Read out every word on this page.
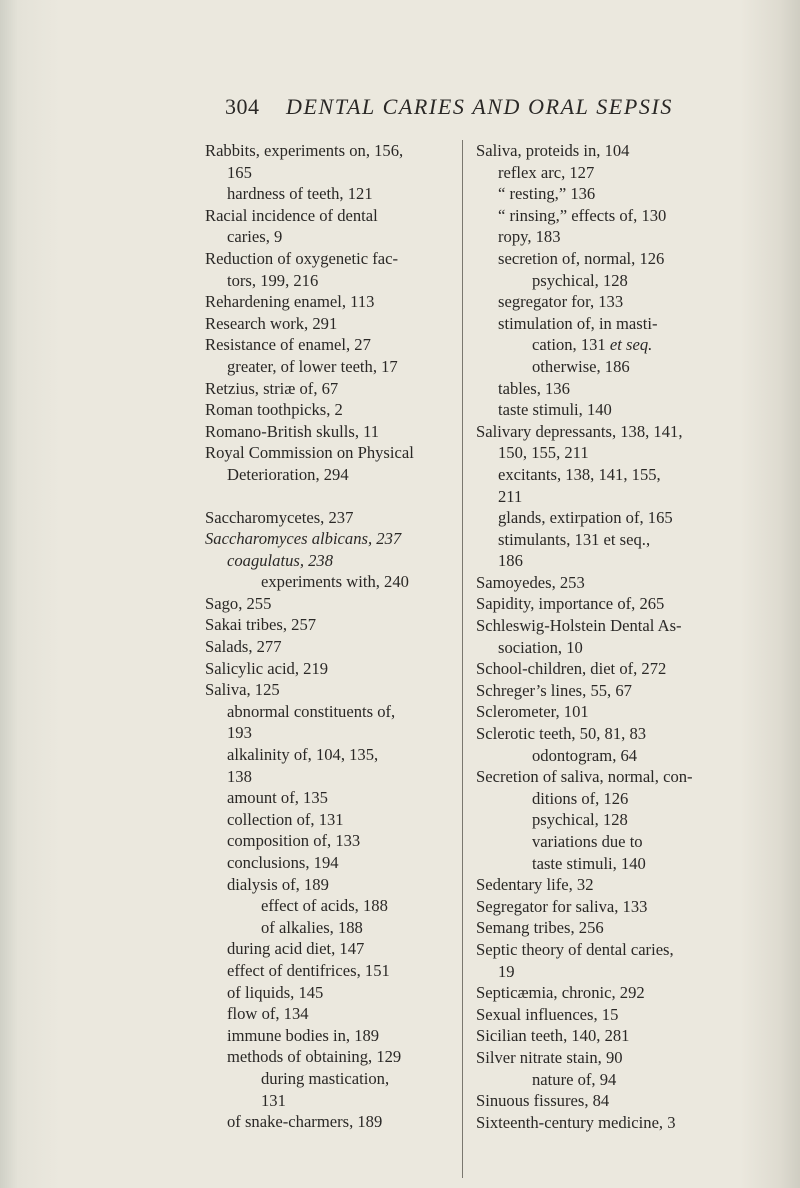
304 DENTAL CARIES AND ORAL SEPSIS
Rabbits, experiments on, 156,
165
hardness of teeth, 121
Racial incidence of dental
caries, 9
Reduction of oxygenetic fac-
tors, 199, 216
Rehardening enamel, 113
Research work, 291
Resistance of enamel, 27
greater, of lower teeth, 17
Retzius, striæ of, 67
Roman toothpicks, 2
Romano-British skulls, 11
Royal Commission on Physical
Deterioration, 294
Saccharomycetes, 237
Saccharomyces albicans, 237
coagulatus, 238
experiments with, 240
Sago, 255
Sakai tribes, 257
Salads, 277
Salicylic acid, 219
Saliva, 125
abnormal constituents of,
193
alkalinity of, 104, 135,
138
amount of, 135
collection of, 131
composition of, 133
conclusions, 194
dialysis of, 189
effect of acids, 188
of alkalies, 188
during acid diet, 147
effect of dentifrices, 151
of liquids, 145
flow of, 134
immune bodies in, 189
methods of obtaining, 129
during mastication,
131
of snake-charmers, 189
Saliva, proteids in, 104
reflex arc, 127
“ resting,” 136
“ rinsing,” effects of, 130
ropy, 183
secretion of, normal, 126
psychical, 128
segregator for, 133
stimulation of, in masti-
cation, 131 et seq.
otherwise, 186
tables, 136
taste stimuli, 140
Salivary depressants, 138, 141,
150, 155, 211
excitants, 138, 141, 155,
211
glands, extirpation of, 165
stimulants, 131 et seq.,
186
Samoyedes, 253
Sapidity, importance of, 265
Schleswig-Holstein Dental As-
sociation, 10
School-children, diet of, 272
Schreger’s lines, 55, 67
Sclerometer, 101
Sclerotic teeth, 50, 81, 83
odontogram, 64
Secretion of saliva, normal, con-
ditions of, 126
psychical, 128
variations due to
taste stimuli, 140
Sedentary life, 32
Segregator for saliva, 133
Semang tribes, 256
Septic theory of dental caries,
19
Septicæmia, chronic, 292
Sexual influences, 15
Sicilian teeth, 140, 281
Silver nitrate stain, 90
nature of, 94
Sinuous fissures, 84
Sixteenth-century medicine, 3
